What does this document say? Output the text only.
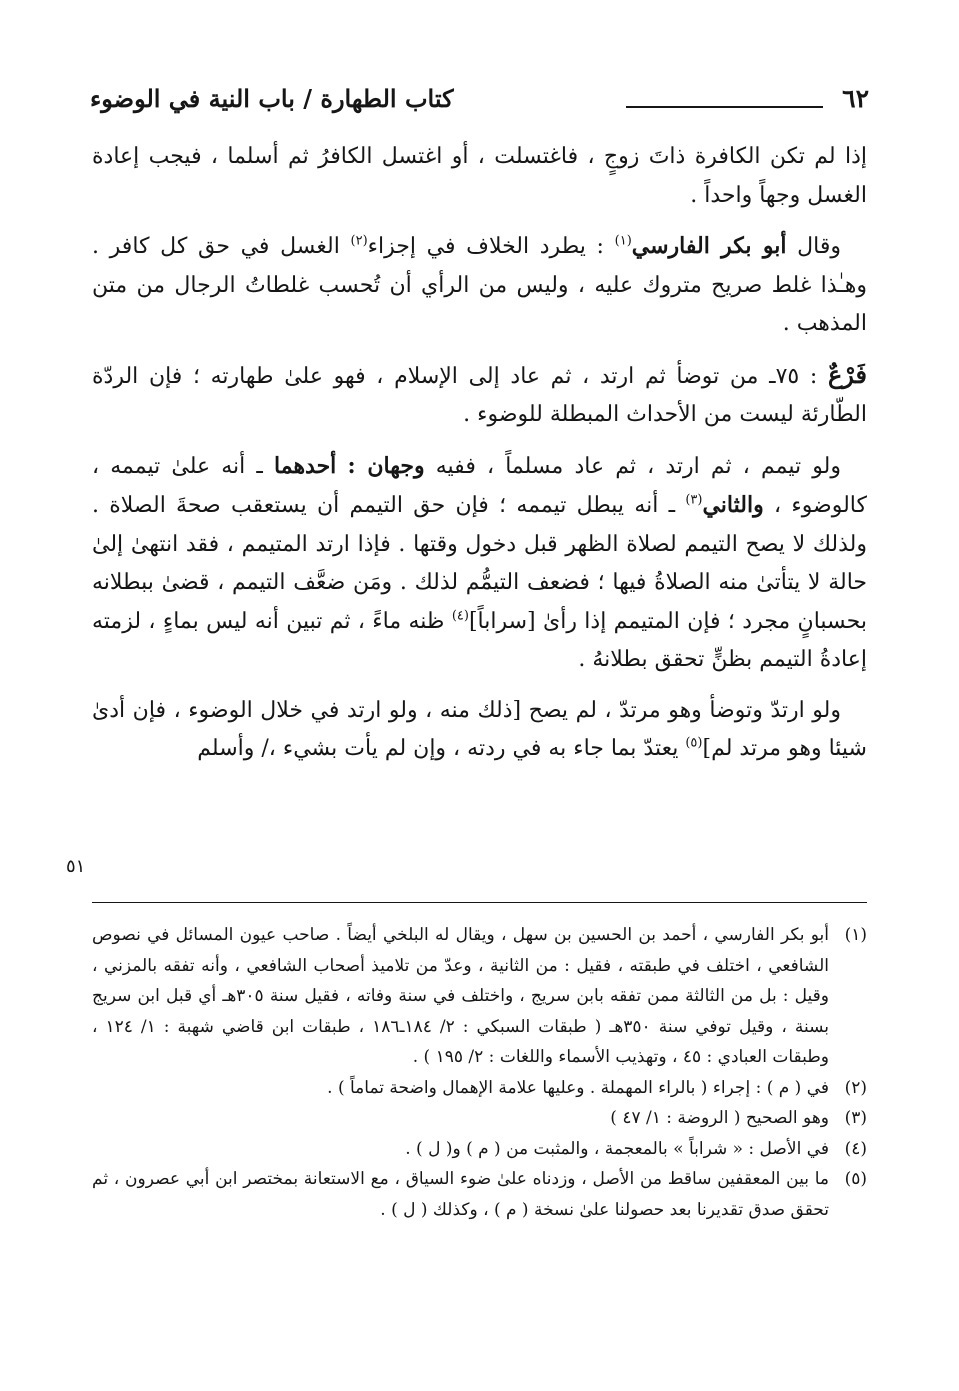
٦٢
كتاب الطهارة / باب النية في الوضوء

إذا لم تكن الكافرة ذاتَ زوجٍ ، فاغتسلت ، أو اغتسل الكافرُ ثم أسلما ، فيجب إعادة الغسل وجهاً واحداً .

وقال أبو بكر الفارسي$^{(١)}$ : يطرد الخلاف في إجزاء$^{(٢)}$ الغسل في حق كل كافر . وهـٰذا غلط صريح متروك عليه ، وليس من الرأي أن تُحسب غلطاتُ الرجال من متن المذهب .

فَرْعٌ : ٧٥ـ من توضأ ثم ارتد ، ثم عاد إلى الإسلام ، فهو علىٰ طهارته ؛ فإن الردّة الطّارئة ليست من الأحداث المبطلة للوضوء .

ولو تيمم ، ثم ارتد ، ثم عاد مسلماً ، ففيه وجهان : أحدهما ـ أنه علىٰ تيممه ، كالوضوء ، والثاني$^{(٣)}$ ـ أنه يبطل تيممه ؛ فإن حق التيمم أن يستعقب صحةَ الصلاة . ولذلك لا يصح التيمم لصلاة الظهر قبل دخول وقتها . فإذا ارتد المتيمم ، فقد انتهىٰ إلىٰ حالة لا يتأتىٰ منه الصلاةُ فيها ؛ فضعف التيمُّم لذلك . ومَن ضعَّف التيمم ، قضىٰ ببطلانه بحسبانٍ مجرد ؛ فإن المتيمم إذا رأىٰ [سراباً]$^{(٤)}$ ظنه ماءً ، ثم تبين أنه ليس بماءٍ ، لزمته إعادةُ التيمم بظنٍّ تحقق بطلانهُ .

ولو ارتدّ وتوضأ وهو مرتدّ ، لم يصح [ذلك منه ، ولو ارتد في خلال الوضوء ، فإن أدىٰ شيئا وهو مرتد لم]$^{(٥)}$ يعتدّ بما جاء به في ردته ، وإن لم يأت بشيء ،/ وأسلم

٥١
(١)
أبو بكر الفارسي ، أحمد بن الحسين بن سهل ، ويقال له البلخي أيضاً . صاحب عيون المسائل في نصوص الشافعي ، اختلف في طبقته ، فقيل : من الثانية ، وعدّ من تلاميذ أصحاب الشافعي ، وأنه تفقه بالمزني ، وقيل : بل من الثالثة ممن تفقه بابن سريج ، واختلف في سنة وفاته ، فقيل سنة ٣٠٥هـ أي قبل ابن سريج بسنة ، وقيل توفي سنة ٣٥٠هـ ( طبقات السبكي : ٢/ ١٨٤ـ١٨٦ ، طبقات ابن قاضي شهبة : ١/ ١٢٤ ، وطبقات العبادي : ٤٥ ، وتهذيب الأسماء واللغات : ٢/ ١٩٥ ) .
(٢)
في ( م ) : إجراء ( بالراء المهملة . وعليها علامة الإهمال واضحة تماماً ) .
(٣)
وهو الصحيح ( الروضة : ١/ ٤٧ )
(٤)
في الأصل : « شراباً » بالمعجمة ، والمثبت من ( م ) و( ل ) .
(٥)
ما بين المعقفين ساقط من الأصل ، وزدناه علىٰ ضوء السياق ، مع الاستعانة بمختصر ابن أبي عصرون ، ثم تحقق صدق تقديرنا بعد حصولنا علىٰ نسخة ( م ) ، وكذلك ( ل ) .
